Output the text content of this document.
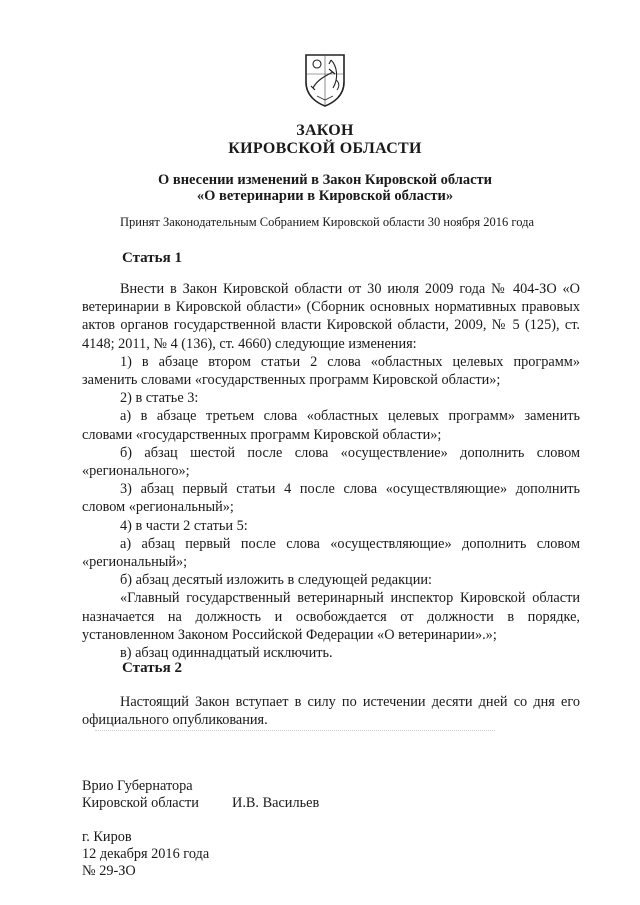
ЗАКОН
КИРОВСКОЙ ОБЛАСТИ
О внесении изменений в Закон Кировской области
«О ветеринарии в Кировской области»
Принят Законодательным Собранием Кировской области 30 ноября 2016 года
Статья 1

Внести в Закон Кировской области от 30 июля 2009 года № 404-ЗО «О ветеринарии в Кировской области» (Сборник основных нормативных правовых актов органов государственной власти Кировской области, 2009, № 5 (125), ст. 4148; 2011, № 4 (136), ст. 4660) следующие изменения:

1) в абзаце втором статьи 2 слова «областных целевых программ» заменить словами «государственных программ Кировской области»;

2) в статье 3:

а) в абзаце третьем слова «областных целевых программ» заменить словами «государственных программ Кировской области»;

б) абзац шестой после слова «осуществление» дополнить словом «регионального»;

3) абзац первый статьи 4 после слова «осуществляющие» дополнить словом «региональный»;

4) в части 2 статьи 5:

а) абзац первый после слова «осуществляющие» дополнить словом «региональный»;

б) абзац десятый изложить в следующей редакции:

«Главный государственный ветеринарный инспектор Кировской области назначается на должность и освобождается от должности в порядке, установленном Законом Российской Федерации «О ветеринарии».»;

в) абзац одиннадцатый исключить.

Статья 2

Настоящий Закон вступает в силу по истечении десяти дней со дня его официального опубликования.

Врио Губернатора
Кировской области И.В. Васильев
г. Киров
12 декабря 2016 года
№ 29-ЗО
